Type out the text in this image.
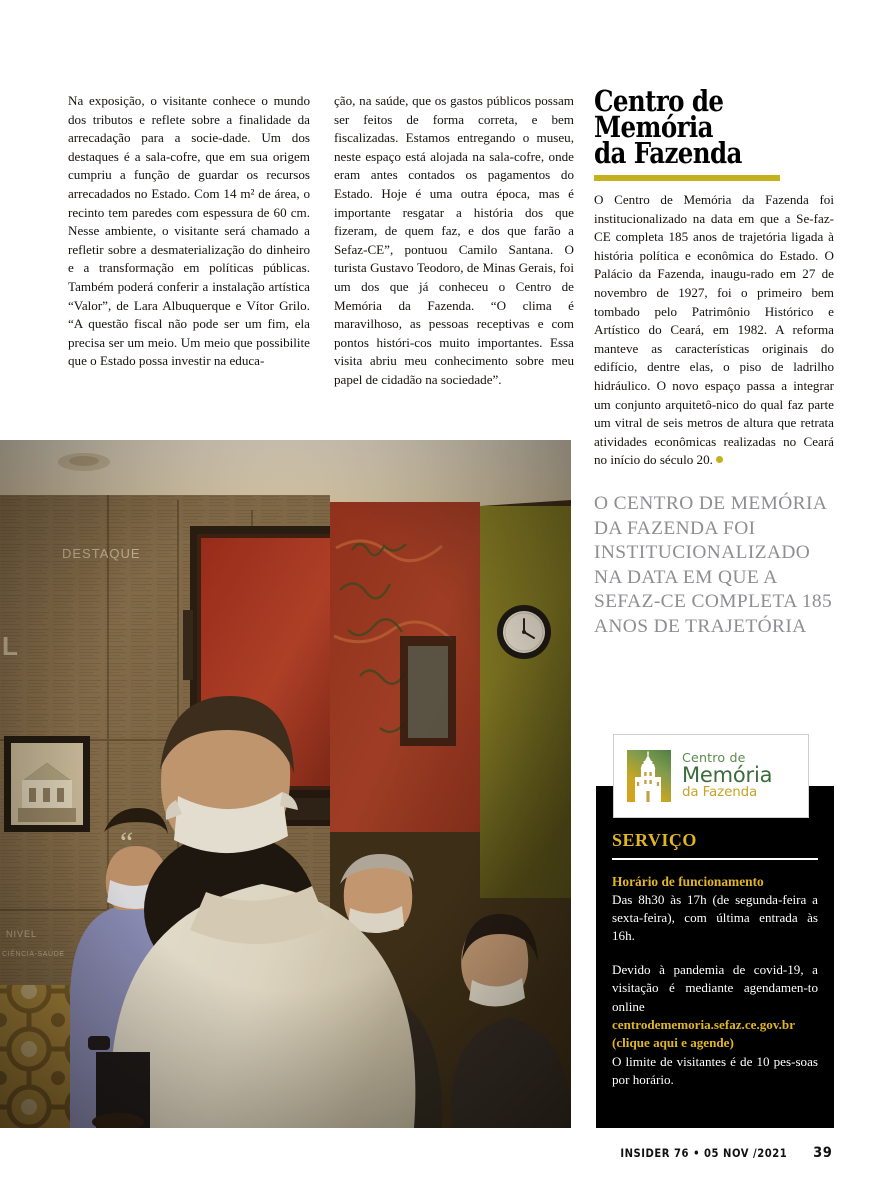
Na exposição, o visitante conhece o mundo dos tributos e reflete sobre a finalidade da arrecadação para a socie-dade. Um dos destaques é a sala-cofre, que em sua origem cumpriu a função de guardar os recursos arrecadados no Estado. Com 14 m² de área, o recinto tem paredes com espessura de 60 cm. Nesse ambiente, o visitante será chamado a refletir sobre a desmaterialização do dinheiro e a transformação em políticas públicas. Também poderá conferir a instalação artística “Valor”, de Lara Albuquerque e Vítor Grilo. “A questão fiscal não pode ser um fim, ela precisa ser um meio. Um meio que possibilite que o Estado possa investir na educa-
ção, na saúde, que os gastos públicos possam ser feitos de forma correta, e bem fiscalizadas. Estamos entregando o museu, neste espaço está alojada na sala-cofre, onde eram antes contados os pagamentos do Estado. Hoje é uma outra época, mas é importante resgatar a história dos que fizeram, de quem faz, e dos que farão a Sefaz-CE”, pontuou Camilo Santana. O turista Gustavo Teodoro, de Minas Gerais, foi um dos que já conheceu o Centro de Memória da Fazenda. “O clima é maravilhoso, as pessoas receptivas e com pontos históri-cos muito importantes. Essa visita abriu meu conhecimento sobre meu papel de cidadão na sociedade”.
Centro de
Memória
da Fazenda
O Centro de Memória da Fazenda foi institucionalizado na data em que a Se-faz-CE completa 185 anos de trajetória ligada à história política e econômica do Estado. O Palácio da Fazenda, inaugu-rado em 27 de novembro de 1927, foi o primeiro bem tombado pelo Patrimônio Histórico e Artístico do Ceará, em 1982. A reforma manteve as características originais do edifício, dentre elas, o piso de ladrilho hidráulico. O novo espaço passa a integrar um conjunto arquitetô-nico do qual faz parte um vitral de seis metros de altura que retrata atividades econômicas realizadas no Ceará no início do século 20.
O CENTRO DE MEMÓRIA DA FAZENDA FOI INSTITUCIONALIZADO NA DATA EM QUE A SEFAZ-CE COMPLETA 185 ANOS DE TRAJETÓRIA
SERVIÇO
Horário de funcionamento
Das 8h30 às 17h (de segunda-feira a sexta-feira), com última entrada às 16h.
Devido à pandemia de covid-19, a visitação é mediante agendamen-to online centrodememoria.sefaz.ce.gov.br (clique aqui e agende)
O limite de visitantes é de 10 pes-soas por horário.
Centro de
Memória
da Fazenda
INSIDER 76 • 05 NOV /2021 39
